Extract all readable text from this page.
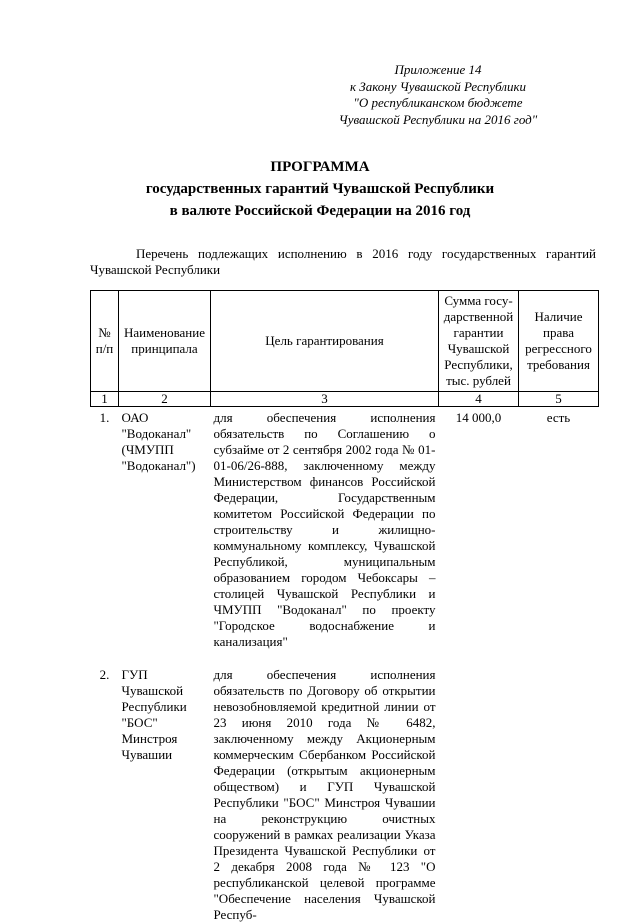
Приложение 14
к Закону Чувашской Республики
"О республиканском бюджете
Чувашской Республики на 2016 год"
ПРОГРАММА
государственных гарантий Чувашской Республики
в валюте Российской Федерации на 2016 год
Перечень подлежащих исполнению в 2016 году государственных гарантий Чувашской Республики
№ п/п	Наименование принципала	Цель гарантирования	Сумма госу-дарственной гарантии Чувашской Республики, тыс. рублей	Наличие права регрессного требования
1	2	3	4	5
1.	ОАО "Водоканал" (ЧМУПП "Водоканал")	для обеспечения исполнения обязательств по Соглашению о субзайме от 2 сентября 2002 года № 01-01-06/26-888, заключенному между Министерством финансов Российской Федерации, Государственным комитетом Российской Федерации по строительству и жилищно-коммунальному комплексу, Чувашской Республикой, муниципальным образованием городом Чебоксары – столицей Чувашской Республики и ЧМУПП "Водоканал" по проекту "Городское водоснабжение и канализация"	14 000,0	есть

2.	ГУП Чувашской Республики "БОС" Минстроя Чувашии	для обеспечения исполнения обязательств по Договору об открытии невозобновляемой кредитной линии от 23 июня 2010 года № 6482, заключенному между Акционерным коммерческим Сбербанком Российской Федерации (открытым акционерным обществом) и ГУП Чувашской Республики "БОС" Минстроя Чувашии на реконструкцию очистных сооружений в рамках реализации Указа Президента Чувашской Республики от 2 декабря 2008 года № 123 "О республиканской целевой программе "Обеспечение населения Чувашской Респуб-		
